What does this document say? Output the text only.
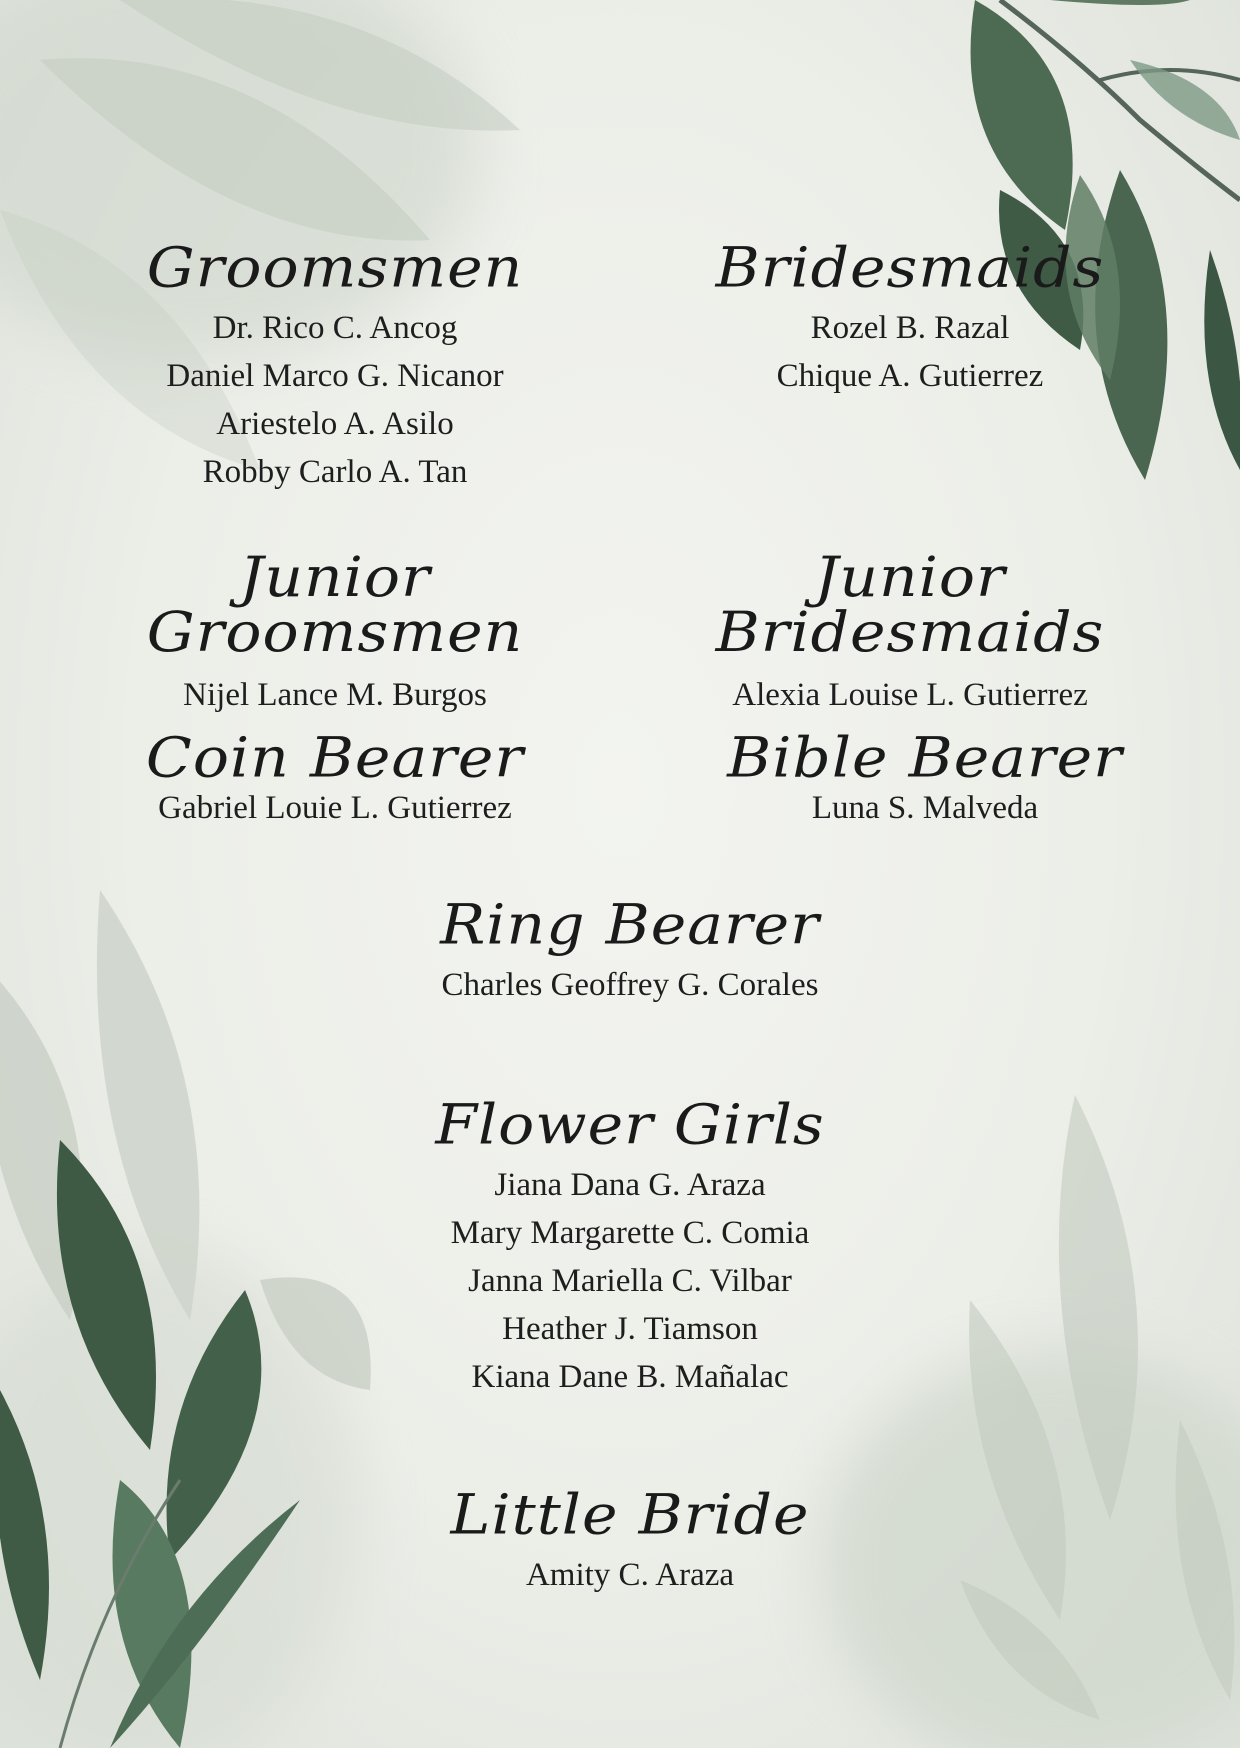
Groomsmen
Dr. Rico C. Ancog
Daniel Marco G. Nicanor
Ariestelo A. Asilo
Robby Carlo A. Tan
Bridesmaids
Rozel B. Razal
Chique A. Gutierrez
Junior Groomsmen
Nijel Lance M. Burgos
Junior Bridesmaids
Alexia Louise L. Gutierrez
Coin Bearer
Gabriel Louie L. Gutierrez
Bible Bearer
Luna S. Malveda
Ring Bearer
Charles Geoffrey G. Corales
Flower Girls
Jiana Dana G. Araza
Mary Margarette C. Comia
Janna Mariella C. Vilbar
Heather J. Tiamson
Kiana Dane B. Mañalac
Little Bride
Amity C. Araza
